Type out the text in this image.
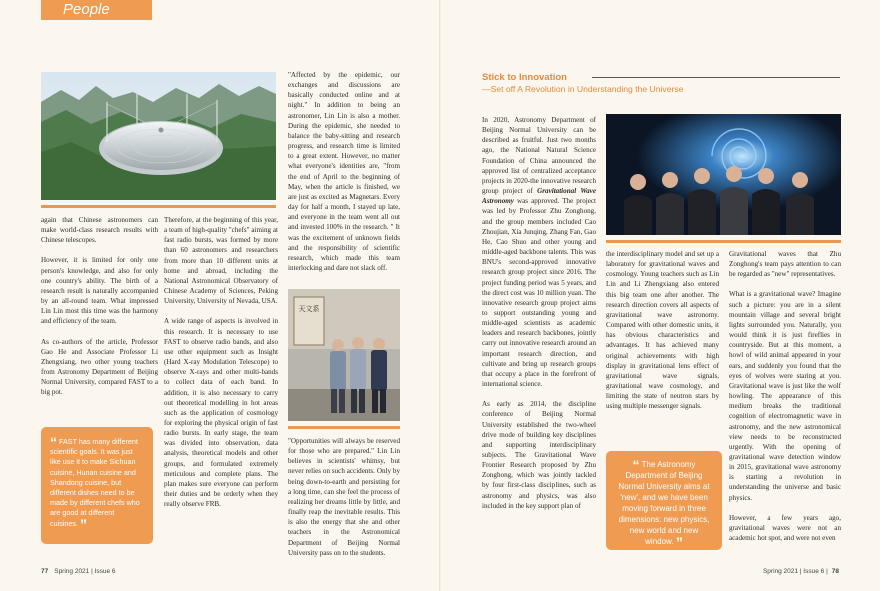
People

again that Chinese astronomers can make world-class research results with Chinese telescopes.

However, it is limited for only one person's knowledge, and also for only one country's ability. The birth of a research result is naturally accompanied by an all-round team. What impressed Lin Lin most this time was the harmony and efficiency of the team.

As co-authors of the article, Professor Gao He and Associate Professor Li Zhengxiang, two other young teachers from Astronomy Department of Beijing Normal University, compared FAST to a big pot.

“ FAST has many different scientific goals. It was just like use it to make Sichuan cuisine, Hunan cuisine and Shandong cuisine, but different dishes need to be made by different chefs who are good at different cuisines. ”

Therefore, at the beginning of this year, a team of high-quality "chefs" aiming at fast radio bursts, was formed by more than 60 astronomers and researchers from more than 10 different units at home and abroad, including the National Astronomical Observatory of Chinese Academy of Sciences, Peking University, University of Nevada, USA.

A wide range of aspects is involved in this research. It is necessary to use FAST to observe radio bands, and also use other equipment such as Insight (Hard X-ray Modulation Telescope) to observe X-rays and other multi-bands to collect data of each band. In addition, it is also necessary to carry out theoretical modelling in hot areas such as the application of cosmology for exploring the physical origin of fast radio bursts. In early stage, the team was divided into observation, data analysis, theoretical models and other groups, and formulated extremely meticulous and complete plans. The plan makes sure everyone can perform their duties and be orderly when they really observe FRB.

"Affected by the epidemic, our exchanges and discussions are basically conducted online and at night." In addition to being an astronomer, Lin Lin is also a mother. During the epidemic, she needed to balance the baby-sitting and research progress, and research time is limited to a great extent. However, no matter what everyone's identities are, "from the end of April to the beginning of May, when the article is finished, we are just as excited as Magnetars. Every day for half a month, I stayed up late, and everyone in the team went all out and invested 100% in the research. " It was the excitement of unknown fields and the responsibility of scientific research, which made this team interlocking and dare not slack off.

天文系

"Opportunities will always be reserved for those who are prepared." Lin Lin believes in scientists' whimsy, but never relies on such accidents. Only by being down-to-earth and persisting for a long time, can she feel the process of realizing her dreams little by little, and finally reap the inevitable results. This is also the energy that she and other teachers in the Astronomical Department of Beijing Normal University pass on to the students.

Stick to Innovation
—Set off A Revolution in Understanding the Universe

In 2020, Astronomy Department of Beijing Normal University can be described as fruitful. Just two months ago, the National Natural Science Foundation of China announced the approved list of centralized acceptance projects in 2020-the innovative research group project of Gravitational Wave Astronomy was approved. The project was led by Professor Zhu Zonghong, and the group members included Cao Zhoujian, Xia Junqing, Zhang Fan, Gao He, Cao Shuo and other young and middle-aged backbone talents. This was BNU's second-approved innovative research group project since 2016. The project funding period was 5 years, and the direct cost was 10 million yuan. The innovative research group project aims to support outstanding young and middle-aged scientists as academic leaders and research backbones, jointly carry out innovative research around an important research direction, and cultivate and bring up research groups that occupy a place in the forefront of international science.

As early as 2014, the discipline conference of Beijing Normal University established the two-wheel drive mode of building key disciplines and supporting interdisciplinary subjects. The Gravitational Wave Frontier Research proposed by Zhu Zonghong, which was jointly tackled by four first-class disciplines, such as astronomy and physics, was also included in the key support plan of

the interdisciplinary model and set up a laboratory for gravitational waves and cosmology. Young teachers such as Lin Lin and Li Zhengxiang also entered this big team one after another. The research direction covers all aspects of gravitational wave astronomy. Compared with other domestic units, it has obvious characteristics and advantages. It has achieved many original achievements with high display in gravitational lens effect of gravitational wave signals, gravitational wave cosmology, and limiting the state of neutron stars by using multiple messenger signals.

“ The Astronomy Department of Beijing Normal University aims at 'new', and we have been moving forward in three dimensions: new physics, new world and new window. ”

Gravitational waves that Zhu Zonghong's team pays attention to can be regarded as "new" representatives.

What is a gravitational wave? Imagine such a picture: you are in a silent mountain village and several bright lights surrounded you. Naturally, you would think it is just fireflies in countryside. But at this moment, a howl of wild animal appeared in your ears, and suddenly you found that the eyes of wolves were staring at you. Gravitational wave is just like the wolf howling. The appearance of this medium breaks the traditional cognition of electromagnetic wave in astronomy, and the new astronomical view needs to be reconstructed urgently. With the opening of gravitational wave detection window in 2015, gravitational wave astronomy is starting a revolution in understanding the universe and basic physics.

However, a few years ago, gravitational waves were not an academic hot spot, and were not even

77 Spring 2021 | Issue 6	Spring 2021 | Issue 6 | 78
